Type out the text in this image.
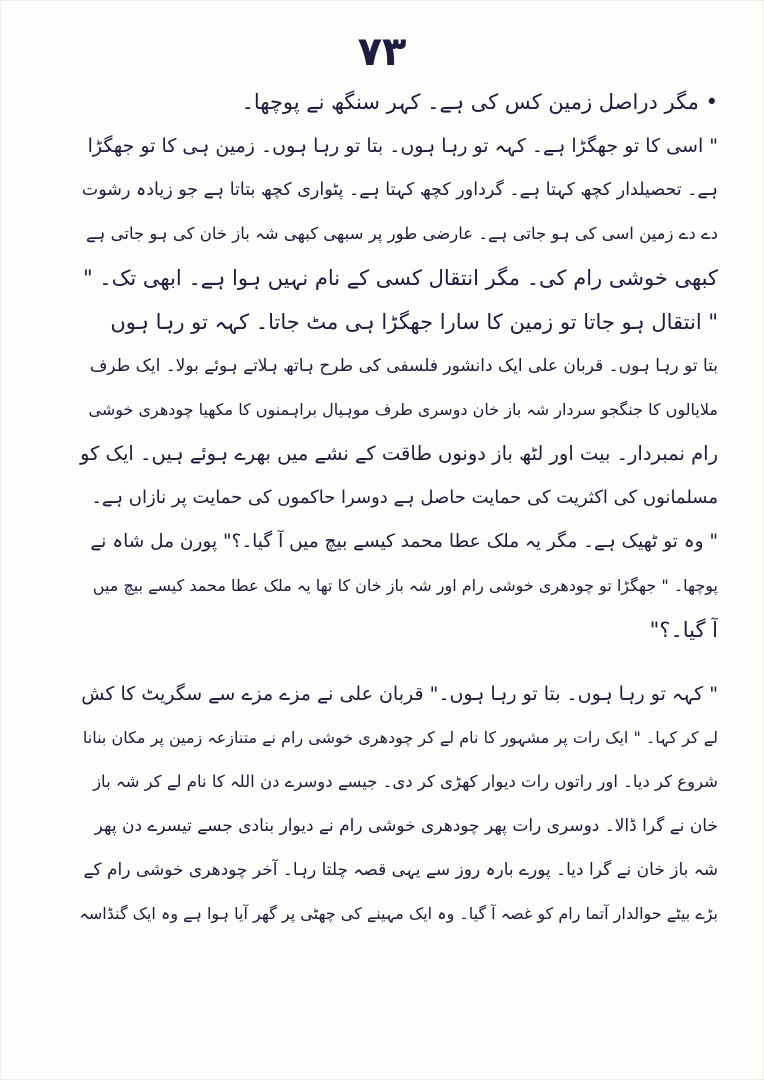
۷۳
• مگر دراصل زمین کس کی ہے۔ کہر سنگھ نے پوچھا۔
" اسی کا تو جھگڑا ہے۔ کہہ تو رہا ہوں۔ بتا تو رہا ہوں۔ زمین ہی کا تو جھگڑا
ہے۔ تحصیلدار کچھ کہتا ہے۔ گرداور کچھ کہتا ہے۔ پٹواری کچھ بتاتا ہے جو زیادہ رشوت
دے دے زمین اسی کی ہو جاتی ہے۔ عارضی طور پر سبھی کبھی شہ باز خان کی ہو جاتی ہے
کبھی خوشی رام کی۔ مگر انتقال کسی کے نام نہیں ہوا ہے۔ ابھی تک۔ "
" انتقال ہو جاتا تو زمین کا سارا جھگڑا ہی مٹ جاتا۔ کہہ تو رہا ہوں
بتا تو رہا ہوں۔ قربان علی ایک دانشور فلسفی کی طرح ہاتھ ہلاتے ہوئے بولا۔ ایک طرف
ملایالوں کا جنگجو سردار شہ باز خان دوسری طرف موہیال براہمنوں کا مکھیا چودھری خوشی
رام نمبردار۔ بیت اور لٹھ باز دونوں طاقت کے نشے میں بھرے ہوئے ہیں۔ ایک کو
مسلمانوں کی اکثریت کی حمایت حاصل ہے دوسرا حاکموں کی حمایت پر نازاں ہے۔
" وہ تو ٹھیک ہے۔ مگر یہ ملک عطا محمد کیسے بیچ میں آ گیا۔؟" پورن مل شاہ نے
پوچھا۔ " جھگڑا تو چودھری خوشی رام اور شہ باز خان کا تھا یہ ملک عطا محمد کیسے بیچ میں
آ گیا۔؟"
" کہہ تو رہا ہوں۔ بتا تو رہا ہوں۔" قربان علی نے مزے مزے سے سگریٹ کا کش
لے کر کہا۔ " ایک رات پر مشہور کا نام لے کر چودھری خوشی رام نے متنازعہ زمین پر مکان بنانا
شروع کر دیا۔ اور راتوں رات دیوار کھڑی کر دی۔ جیسے دوسرے دن اللہ کا نام لے کر شہ باز
خان نے گرا ڈالا۔ دوسری رات پھر چودھری خوشی رام نے دیوار بنادی جسے تیسرے دن پھر
شہ باز خان نے گرا دیا۔ پورے بارہ روز سے یہی قصہ چلتا رہا۔ آخر چودھری خوشی رام کے
بڑے بیٹے حوالدار آتما رام کو غصہ آ گیا۔ وہ ایک مہینے کی چھٹی پر گھر آیا ہوا ہے وہ ایک گنڈاسہ
